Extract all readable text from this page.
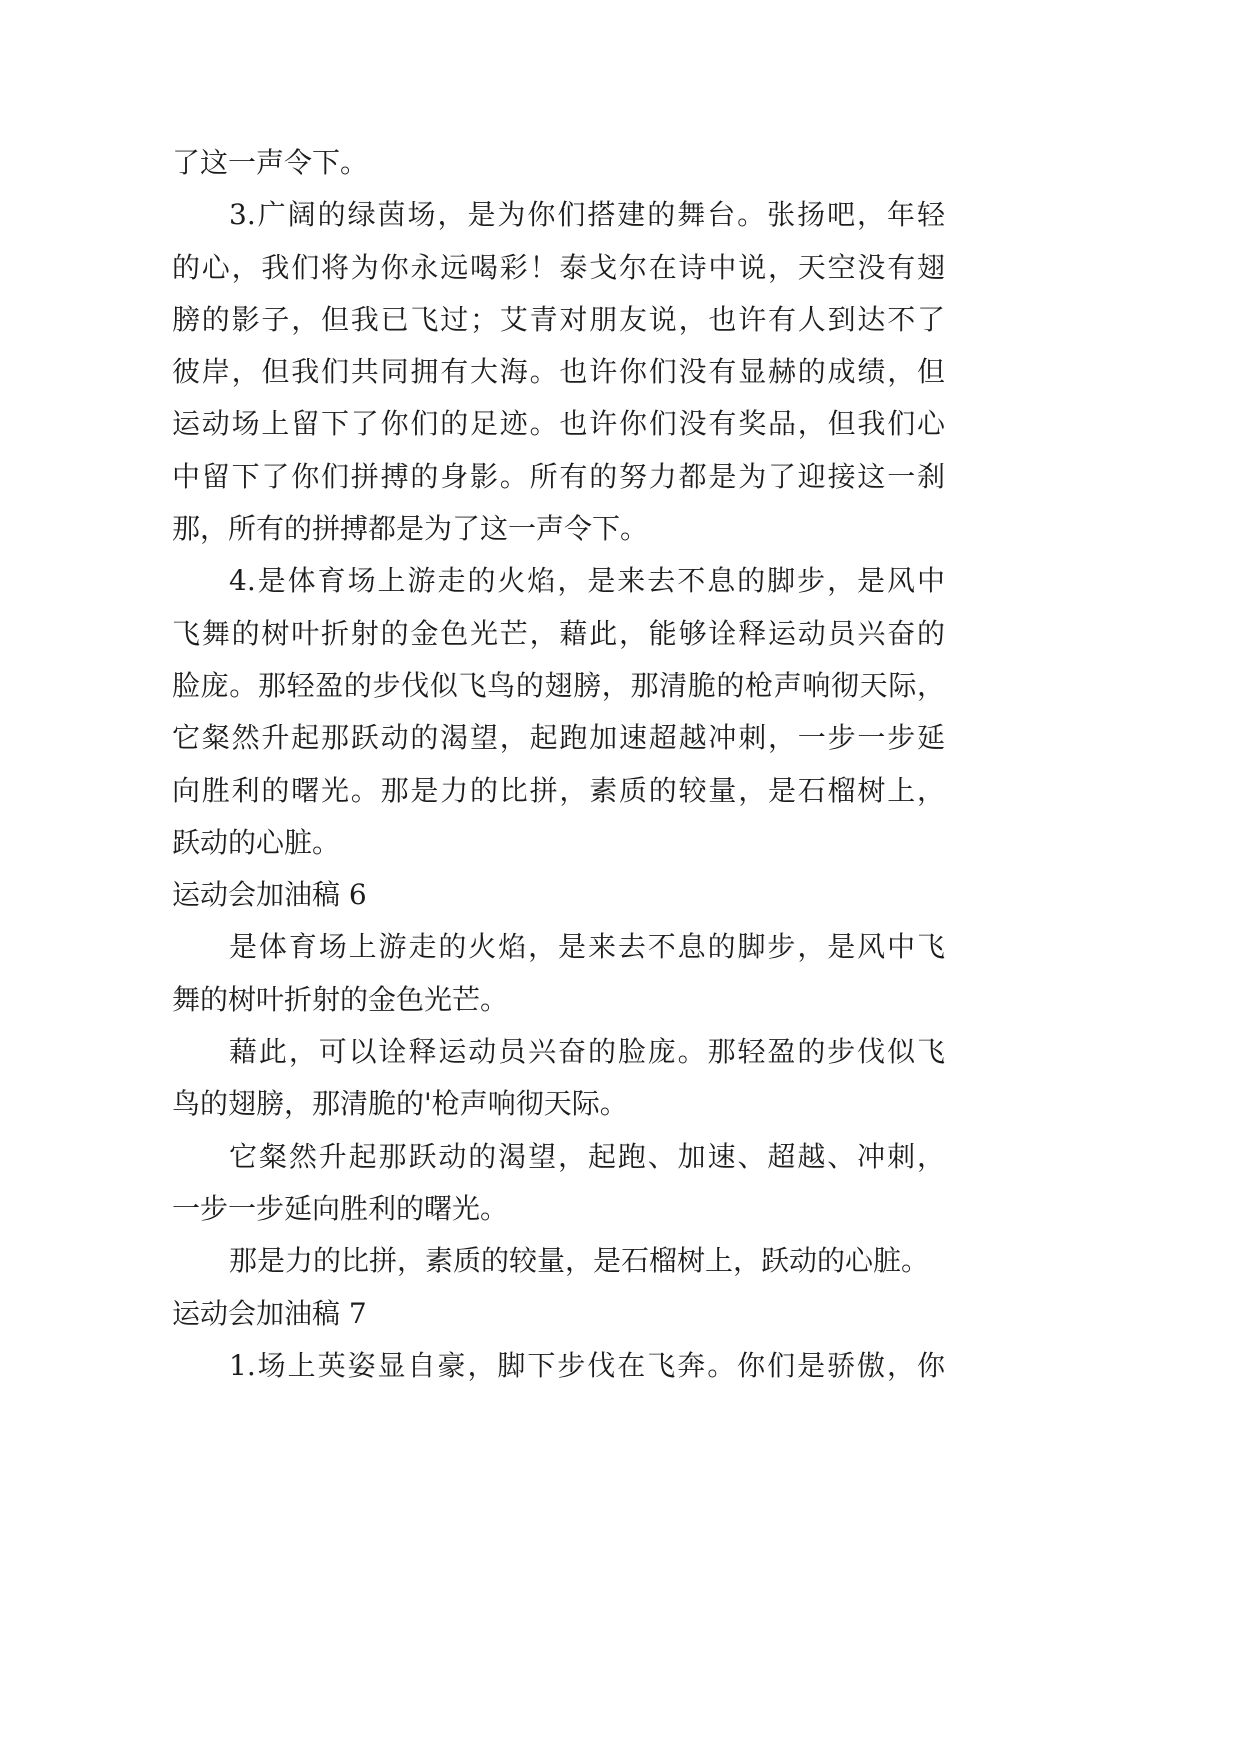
了这一声令下。
3.广阔的绿茵场，是为你们搭建的舞台。张扬吧，年轻
的心，我们将为你永远喝彩！泰戈尔在诗中说，天空没有翅
膀的影子，但我已飞过；艾青对朋友说，也许有人到达不了
彼岸，但我们共同拥有大海。也许你们没有显赫的成绩，但
运动场上留下了你们的足迹。也许你们没有奖品，但我们心
中留下了你们拼搏的身影。所有的努力都是为了迎接这一刹
那，所有的拼搏都是为了这一声令下。
4.是体育场上游走的火焰，是来去不息的脚步，是风中
飞舞的树叶折射的金色光芒，藉此，能够诠释运动员兴奋的
脸庞。那轻盈的步伐似飞鸟的翅膀，那清脆的枪声响彻天际，
它粲然升起那跃动的渴望，起跑加速超越冲刺，一步一步延
向胜利的曙光。那是力的比拼，素质的较量，是石榴树上，
跃动的心脏。
运动会加油稿 6
是体育场上游走的火焰，是来去不息的脚步，是风中飞
舞的树叶折射的金色光芒。
藉此，可以诠释运动员兴奋的脸庞。那轻盈的步伐似飞
鸟的翅膀，那清脆的'枪声响彻天际。
它粲然升起那跃动的渴望，起跑、加速、超越、冲刺，
一步一步延向胜利的曙光。
那是力的比拼，素质的较量，是石榴树上，跃动的心脏。
运动会加油稿 7
1.场上英姿显自豪，脚下步伐在飞奔。你们是骄傲，你
